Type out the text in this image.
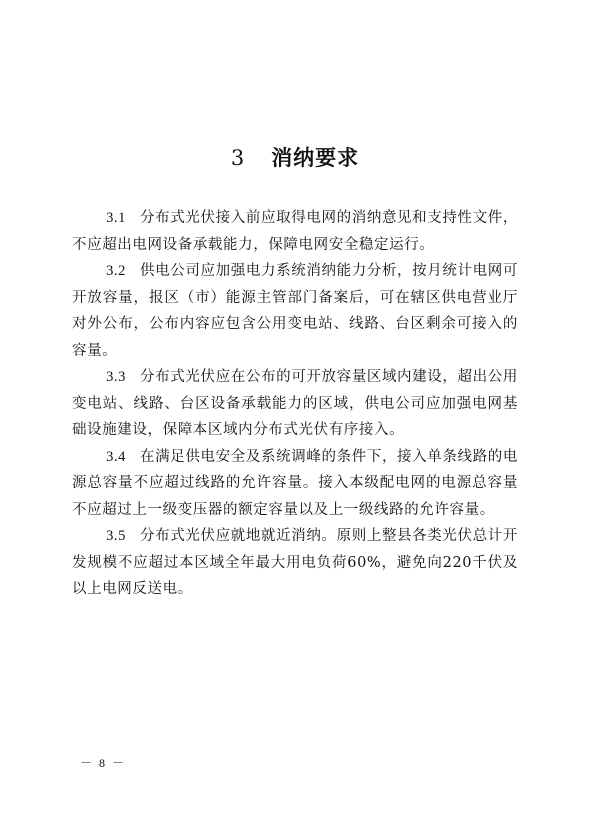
3 消纳要求

3.1 分布式光伏接入前应取得电网的消纳意见和支持性文件，不应超出电网设备承载能力，保障电网安全稳定运行。

3.2 供电公司应加强电力系统消纳能力分析，按月统计电网可开放容量，报区（市）能源主管部门备案后，可在辖区供电营业厅对外公布，公布内容应包含公用变电站、线路、台区剩余可接入的容量。

3.3 分布式光伏应在公布的可开放容量区域内建设，超出公用变电站、线路、台区设备承载能力的区域，供电公司应加强电网基础设施建设，保障本区域内分布式光伏有序接入。

3.4 在满足供电安全及系统调峰的条件下，接入单条线路的电源总容量不应超过线路的允许容量。接入本级配电网的电源总容量不应超过上一级变压器的额定容量以及上一级线路的允许容量。

3.5 分布式光伏应就地就近消纳。原则上整县各类光伏总计开发规模不应超过本区域全年最大用电负荷60%，避免向220千伏及以上电网反送电。

－ 8 －
